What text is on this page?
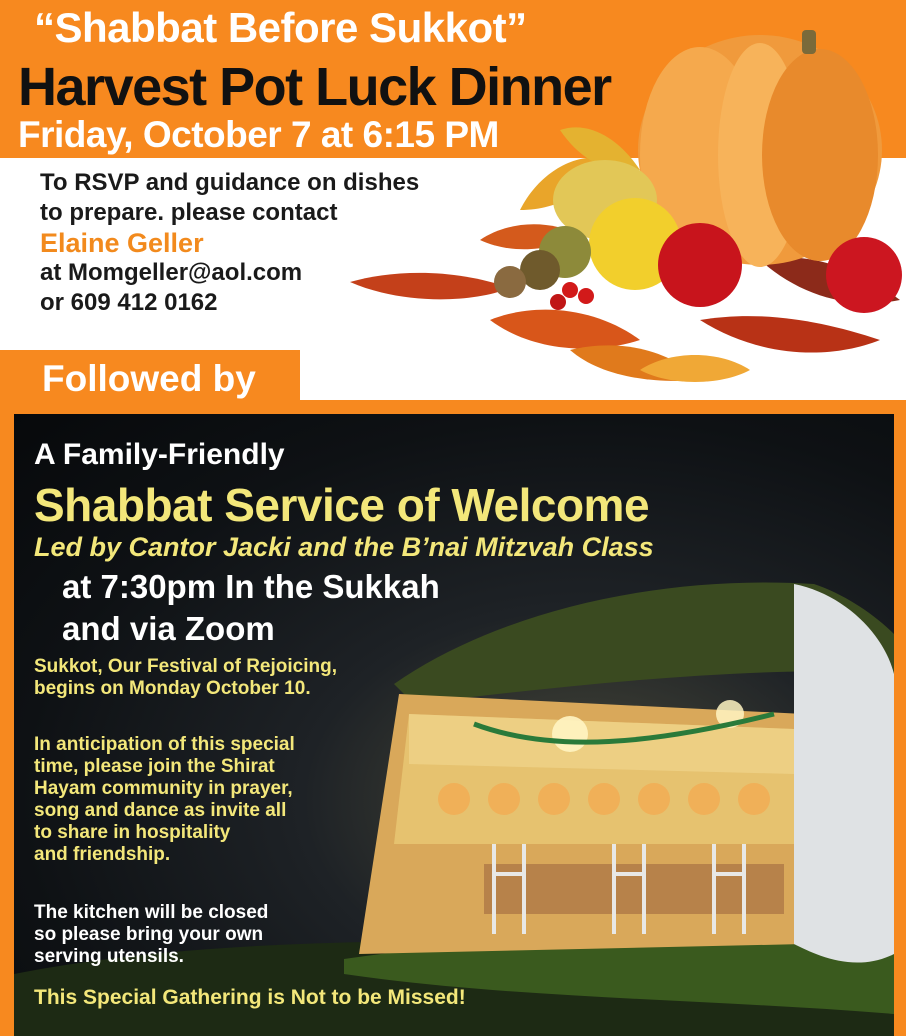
“Shabbat Before Sukkot”
Harvest Pot Luck Dinner
Friday, October 7 at 6:15 PM
To RSVP and guidance on dishes
to prepare. please contact
Elaine Geller
at Momgeller@aol.com
or 609 412 0162
Followed by
A Family-Friendly
Shabbat Service of Welcome
Led by Cantor Jacki and the B’nai Mitzvah Class
at 7:30pm In the Sukkah
and via Zoom
Sukkot, Our Festival of Rejoicing,
begins on Monday October 10.
In anticipation of this special
time, please join the Shirat
Hayam community in prayer,
song and dance as invite all
to share in hospitality
and friendship.
The kitchen will be closed
so please bring your own
serving utensils.
This Special Gathering is Not to be Missed!
